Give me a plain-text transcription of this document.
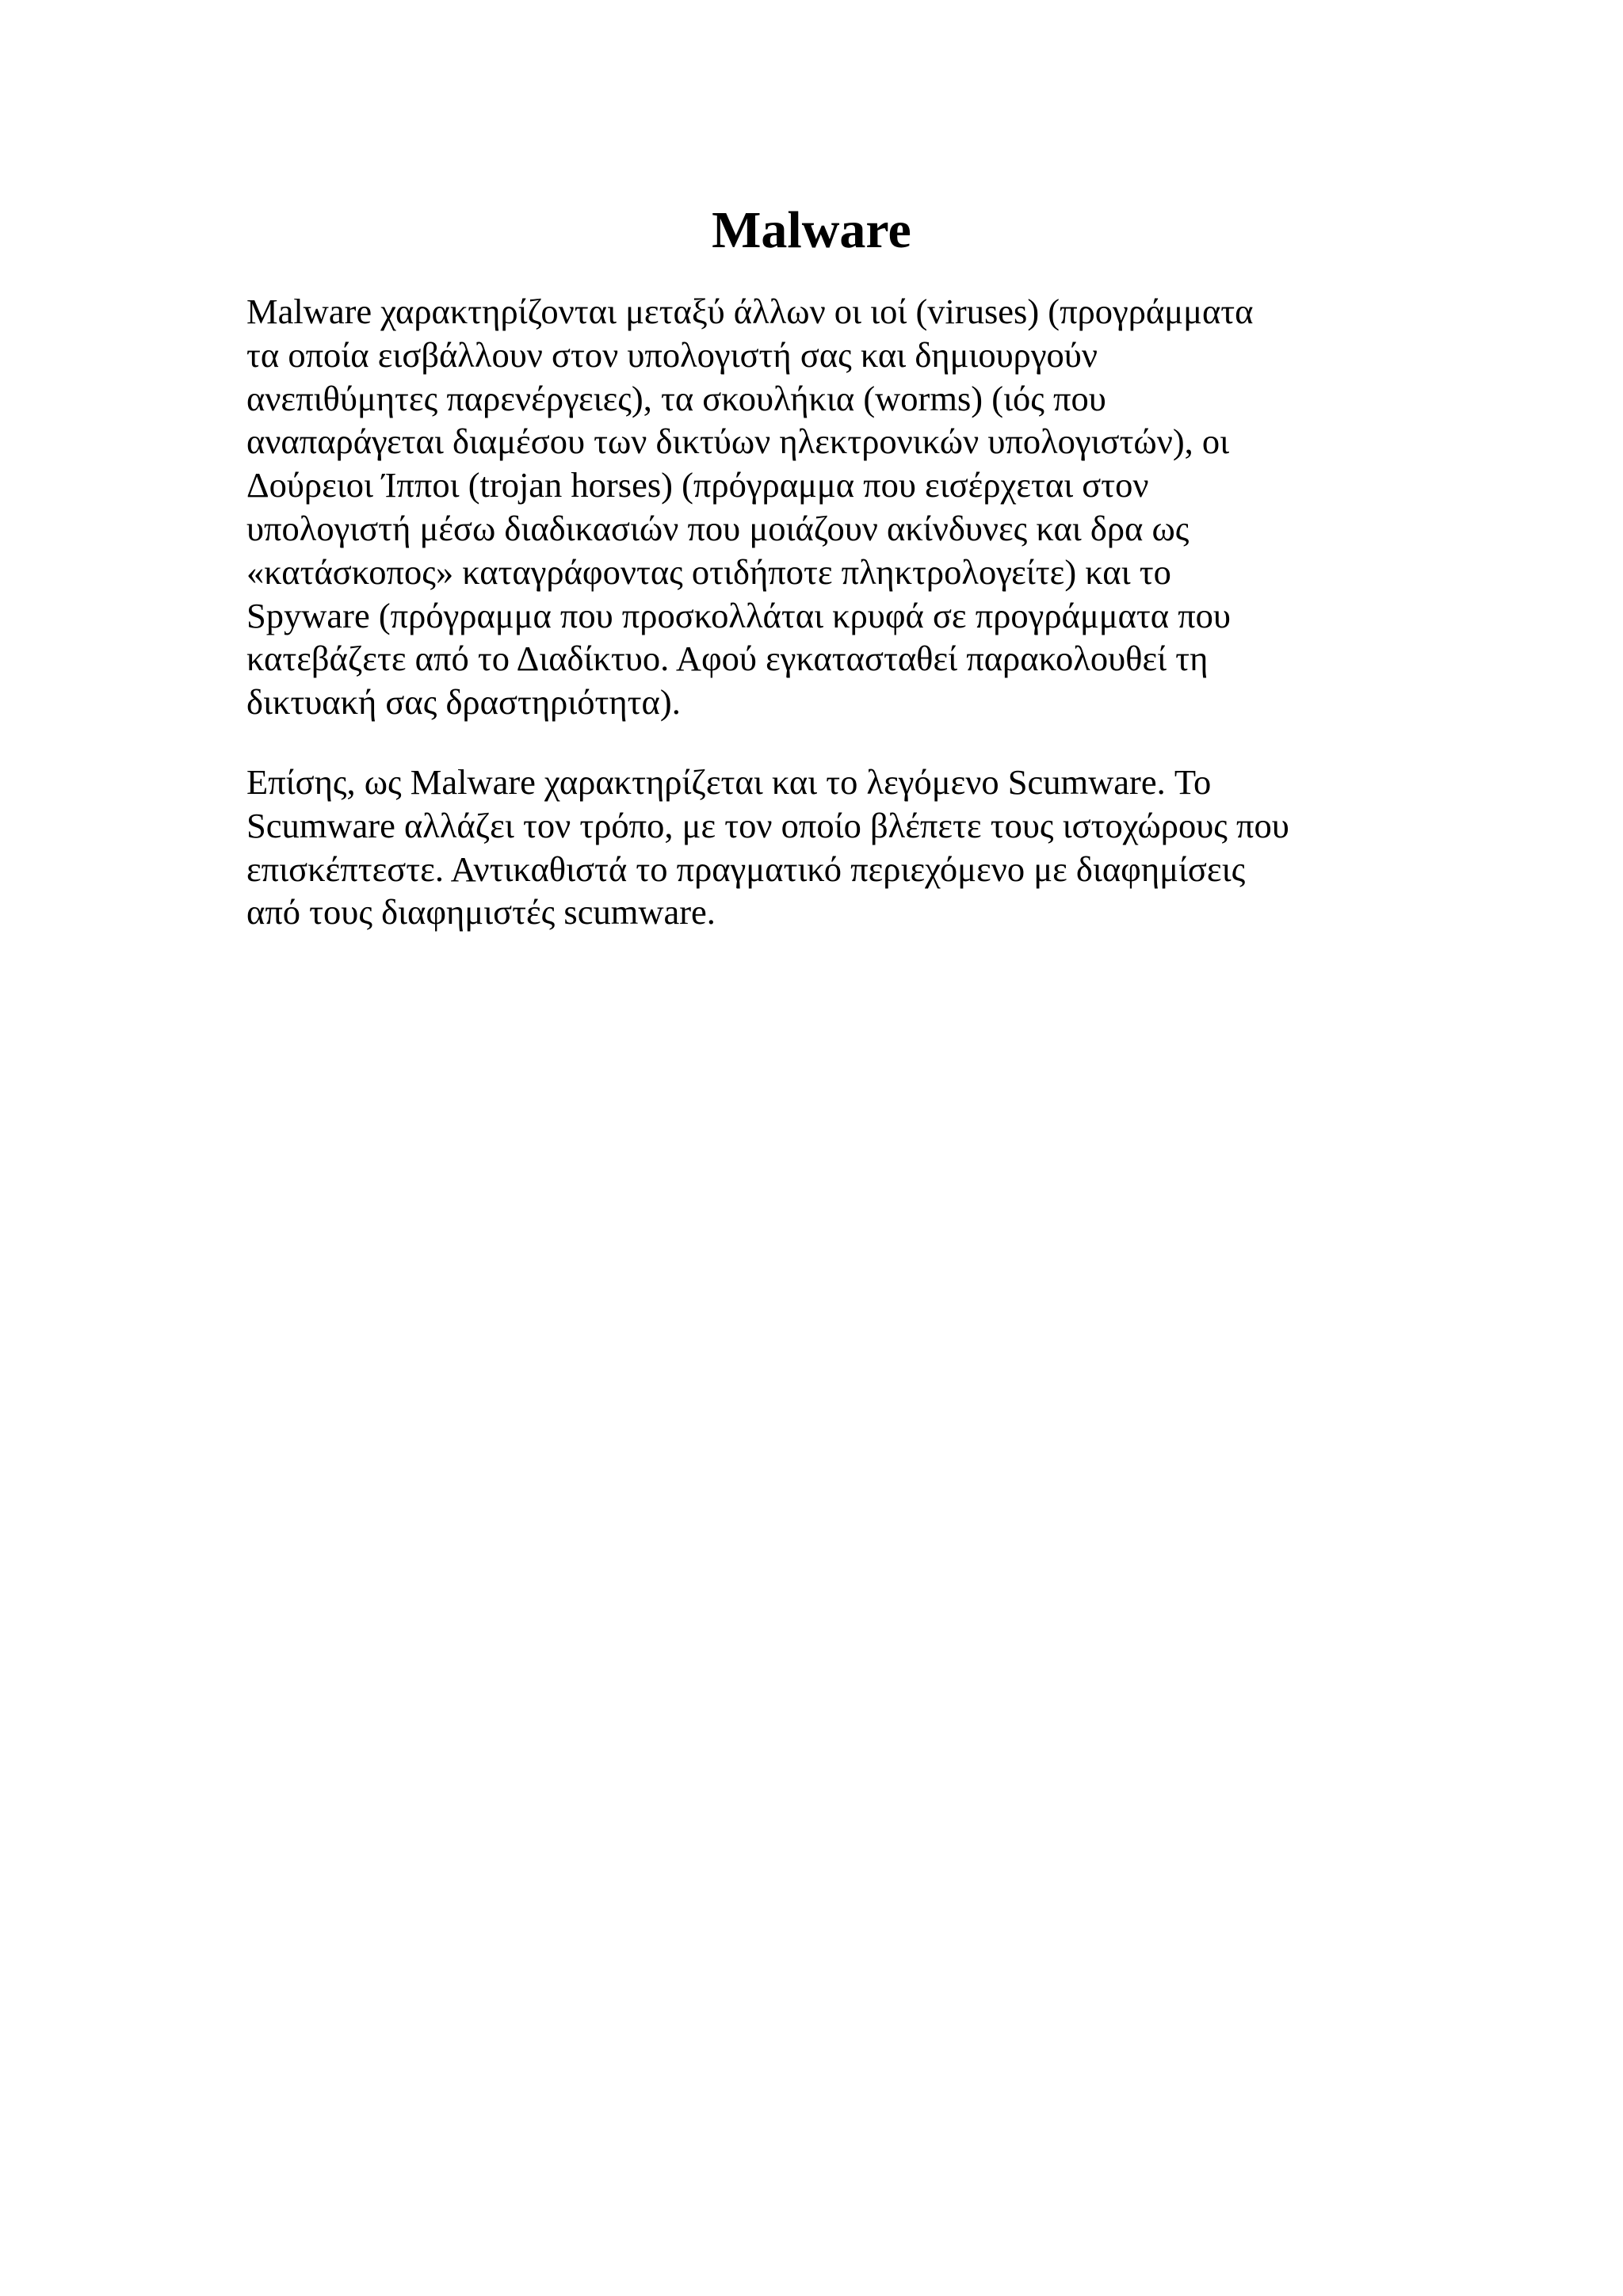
Malware

Malware χαρακτηρίζονται μεταξύ άλλων οι ιοί (viruses) (προγράμματα
τα οποία εισβάλλουν στον υπολογιστή σας και δημιουργούν
ανεπιθύμητες παρενέργειες), τα σκουλήκια (worms) (ιός που
αναπαράγεται διαμέσου των δικτύων ηλεκτρονικών υπολογιστών), οι
Δούρειοι Ίπποι (trojan horses) (πρόγραμμα που εισέρχεται στον
υπολογιστή μέσω διαδικασιών που μοιάζουν ακίνδυνες και δρα ως
«κατάσκοπος» καταγράφοντας οτιδήποτε πληκτρολογείτε) και το
Spyware (πρόγραμμα που προσκολλάται κρυφά σε προγράμματα που
κατεβάζετε από το Διαδίκτυο. Αφού εγκατασταθεί παρακολουθεί τη
δικτυακή σας δραστηριότητα).

Επίσης, ως Malware χαρακτηρίζεται και το λεγόμενο Scumware. Το
Scumware αλλάζει τον τρόπο, με τον οποίο βλέπετε τους ιστοχώρους που
επισκέπτεστε. Αντικαθιστά το πραγματικό περιεχόμενο με διαφημίσεις
από τους διαφημιστές scumware.
